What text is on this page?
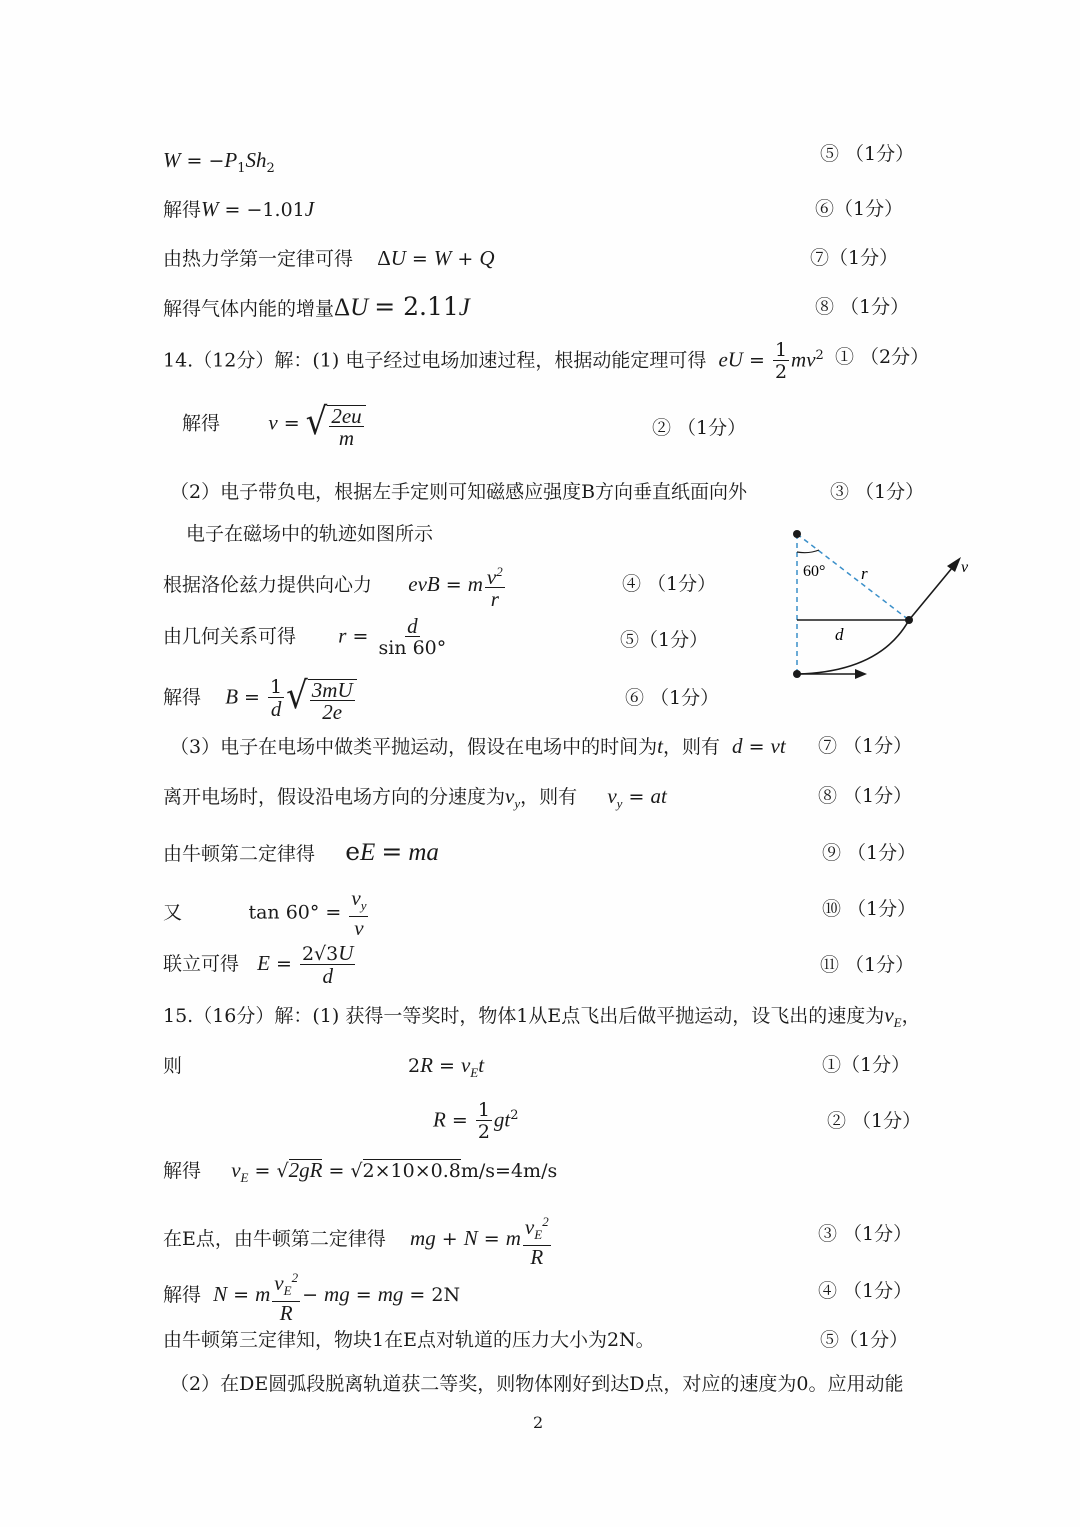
$W = -P_1Sh_2$
⑤ （1分）
解得W = −1.01J	⑥（1分）
由热力学第一定律可得 ΔU = W + Q	⑦（1分）
解得气体内能的增量ΔU = 2.11J	⑧ （1分）
14.（12分）解：(1) 电子经过电场加速过程，根据动能定理可得 eU = $\frac{1}{2} mv^2$ ① （2分）
解得 v = √ $\frac{2eu}{m}$	② （1分）
（2）电子带负电，根据左手定则可知磁感应强度B方向垂直纸面向外	③ （1分）
电子在磁场中的轨迹如图所示
根据洛伦兹力提供向心力 evB = m $\frac{v^2}{r}$	④ （1分）
由几何关系可得 $r = \frac{d}{\sin 60^\circ}$	⑤（1分）
解得 $B = \frac{1}{d}$ √ $\frac{3mU}{2e}$	⑥ （1分）
（3）电子在电场中做类平抛运动，假设在电场中的时间为t，则有  d = vt ⑦ （1分）
离开电场时，假设沿电场方向的分速度为$v_y$，则有     $v_y$ = at	⑧ （1分）
由牛顿第二定律得 eE = ma	⑨ （1分）
又           $\tan 60^\circ = \frac{v_y}{v}$	⑩ （1分）
联立可得 $E = \frac{2√3U}{d}$	⑪ （1分）
15.（16分）解：(1) 获得一等奖时，物体1从E点飞出后做平抛运动，设飞出的速度为$v_E$，
则	$2R = v_Et$	①（1分）
$R = \frac{1}{2} gt^2$	② （1分）
解得 $v_E = √2gR = √2\times 10\times 0.8m/s=4m/s$
在E点，由牛顿第二定律得 mg + N = m $\frac{v_E^2}{R}$	③ （1分）
解得 N = m $\frac{v_E^2}{R}$ − mg = mg = 2N	④ （1分）
由牛顿第三定律知，物块1在E点对轨道的压力大小为2N。	⑤（1分）
（2）在DE圆弧段脱离轨道获二等奖，则物体刚好到达D点，对应的速度为0。应用动能
60° r
d
v
2
